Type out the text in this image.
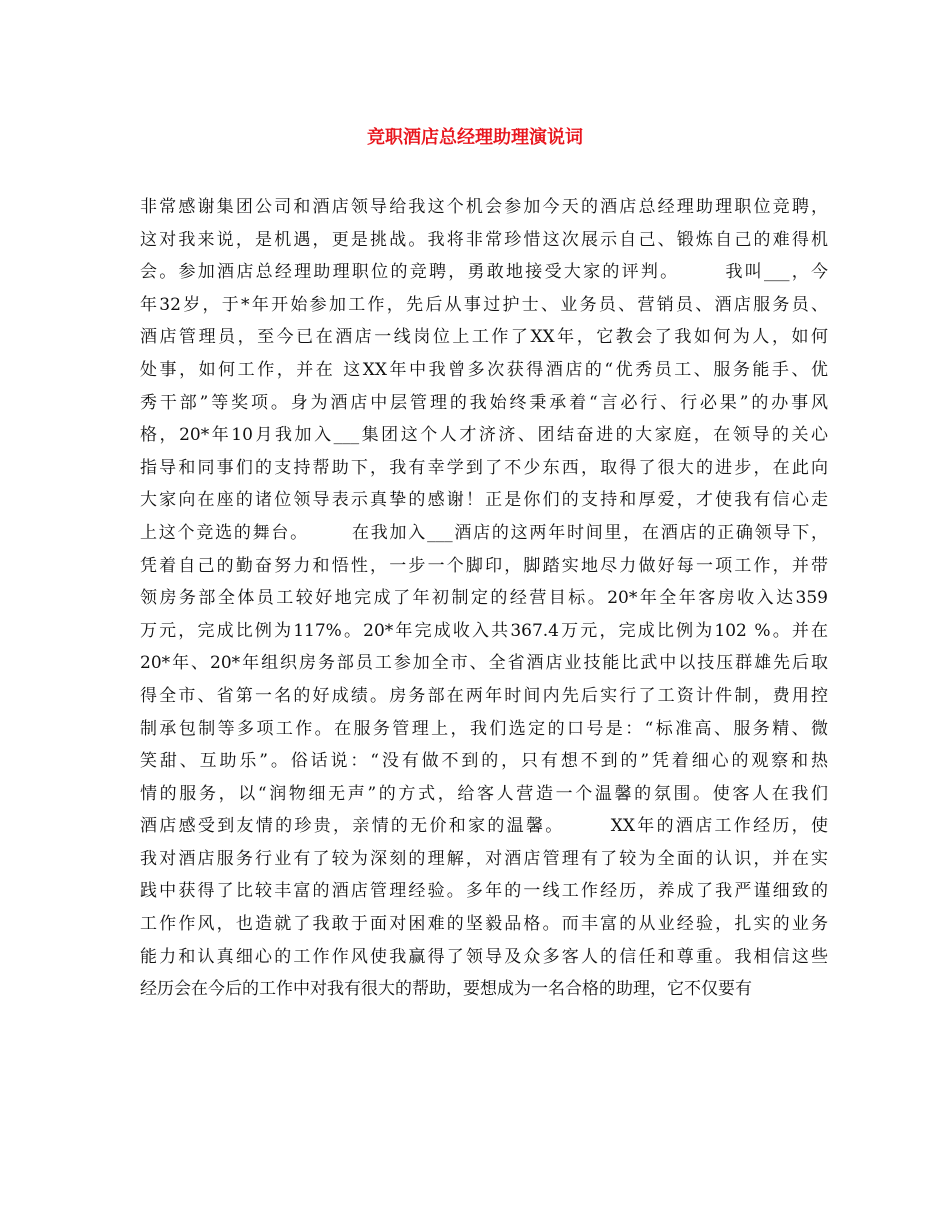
竞职酒店总经理助理演说词
非常感谢集团公司和酒店领导给我这个机会参加今天的酒店总经理助理职位竞聘，
这对我来说，是机遇，更是挑战。我将非常珍惜这次展示自己、锻炼自己的难得机
会。参加酒店总经理助理职位的竞聘，勇敢地接受大家的评判。      我叫___，今
年32岁，于*年开始参加工作，先后从事过护士、业务员、营销员、酒店服务员、
酒店管理员，至今已在酒店一线岗位上工作了XX年，它教会了我如何为人，如何
处事，如何工作，并在 这XX年中我曾多次获得酒店的“优秀员工、服务能手、优
秀干部”等奖项。身为酒店中层管理的我始终秉承着“言必行、行必果”的办事风
格，20*年10月我加入___集团这个人才济济、团结奋进的大家庭，在领导的关心
指导和同事们的支持帮助下，我有幸学到了不少东西，取得了很大的进步，在此向
大家向在座的诸位领导表示真挚的感谢！正是你们的支持和厚爱，才使我有信心走
上这个竞选的舞台。      在我加入___酒店的这两年时间里，在酒店的正确领导下，
凭着自己的勤奋努力和悟性，一步一个脚印，脚踏实地尽力做好每一项工作，并带
领房务部全体员工较好地完成了年初制定的经营目标。20*年全年客房收入达359
万元，完成比例为117%。20*年完成收入共367.4万元，完成比例为102 %。并在
20*年、20*年组织房务部员工参加全市、全省酒店业技能比武中以技压群雄先后取
得全市、省第一名的好成绩。房务部在两年时间内先后实行了工资计件制，费用控
制承包制等多项工作。在服务管理上，我们选定的口号是：“标准高、服务精、微
笑甜、互助乐”。俗话说：“没有做不到的，只有想不到的”凭着细心的观察和热
情的服务，以“润物细无声”的方式，给客人营造一个温馨的氛围。使客人在我们
酒店感受到友情的珍贵，亲情的无价和家的温馨。      XX年的酒店工作经历，使
我对酒店服务行业有了较为深刻的理解，对酒店管理有了较为全面的认识，并在实
践中获得了比较丰富的酒店管理经验。多年的一线工作经历，养成了我严谨细致的
工作作风，也造就了我敢于面对困难的坚毅品格。而丰富的从业经验，扎实的业务
能力和认真细心的工作作风使我赢得了领导及众多客人的信任和尊重。我相信这些
经历会在今后的工作中对我有很大的帮助，要想成为一名合格的助理，它不仅要有
